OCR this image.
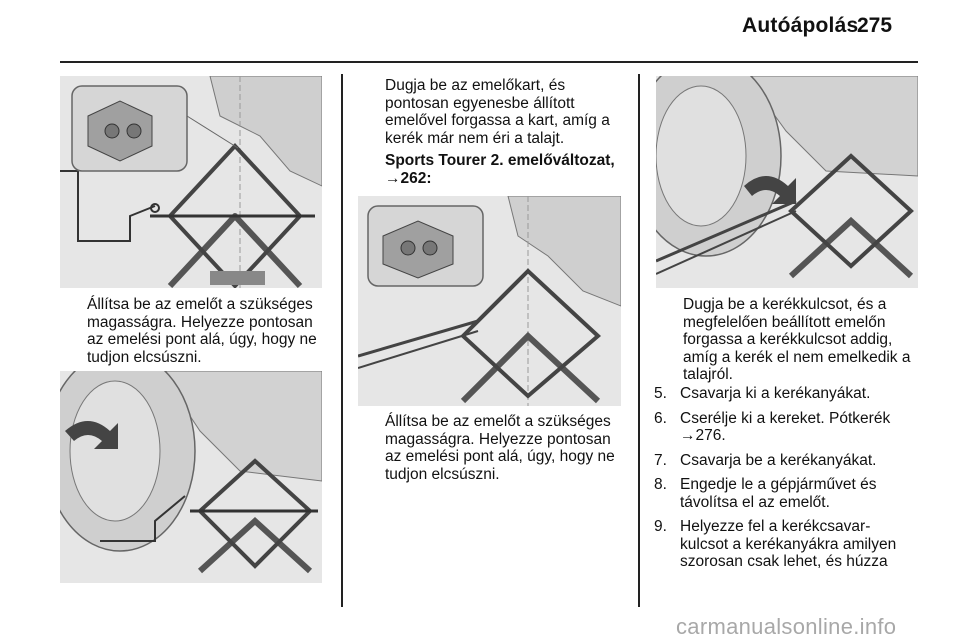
Autóápolás
275

Állítsa be az emelőt a szükséges

magasságra. Helyezze pontosan

az emelési pont alá, úgy, hogy ne

tudjon elcsúszni.

Dugja be az emelőkart, és

pontosan egyenesbe állított

emelővel forgassa a kart, amíg a

kerék már nem éri a talajt.

Sports Tourer 2. emelőváltozat,

→ 262:

Állítsa be az emelőt a szükséges

magasságra. Helyezze pontosan

az emelési pont alá, úgy, hogy ne

tudjon elcsúszni.

Dugja be a kerékkulcsot, és a

megfelelően beállított emelőn

forgassa a kerékkulcsot addig,

amíg a kerék el nem emelkedik a

talajról.

5. Csavarja ki a kerékanyákat.
6. Cserélje ki a kereket. Pótkerék
→ 276.
7. Csavarja be a kerékanyákat.
8. Engedje le a gépjárművet és
távolítsa el az emelőt.
9. Helyezze fel a kerékcsavar-
kulcsot a kerékanyákra amilyen
szorosan csak lehet, és húzza
carmanualsonline.info
